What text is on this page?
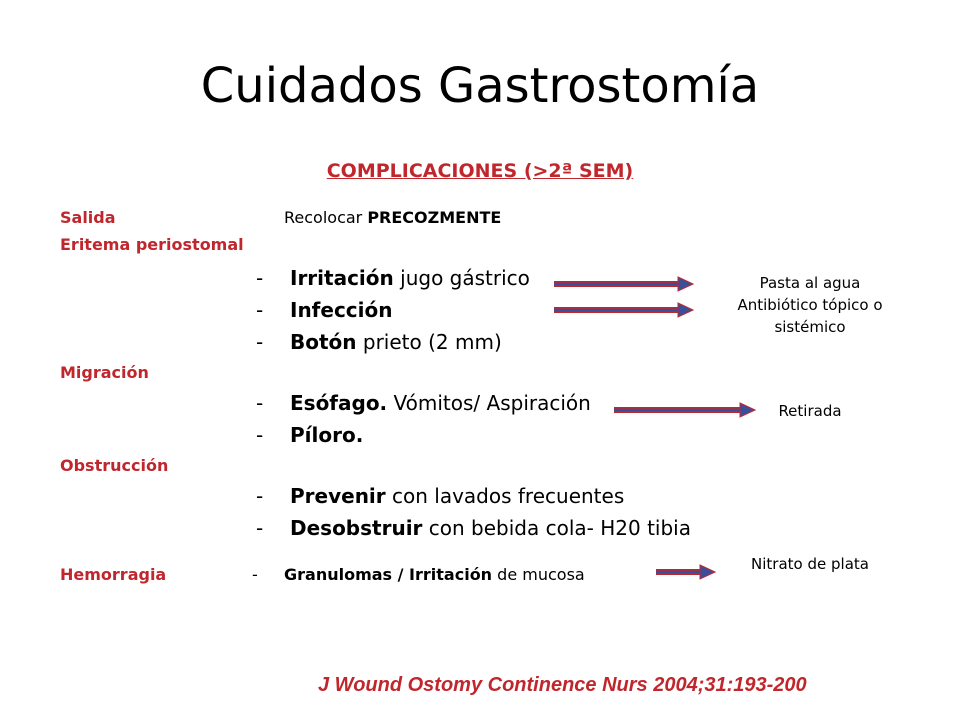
Cuidados Gastrostomía
COMPLICACIONES (>2ª SEM)
Salida	Recolocar PRECOZMENTE
Eritema periostomal
- Irritación jugo gástrico
- Infección
- Botón prieto (2 mm)
Pasta al agua
Antibiótico tópico o
sistémico
Migración
- Esófago. Vómitos/ Aspiración
- Píloro.
Retirada
Obstrucción
- Prevenir con lavados frecuentes
- Desobstruir con bebida cola- H20 tibia
Hemorragia	- Granulomas / Irritación de mucosa
Nitrato de plata
J Wound Ostomy Continence Nurs 2004;31:193-200
